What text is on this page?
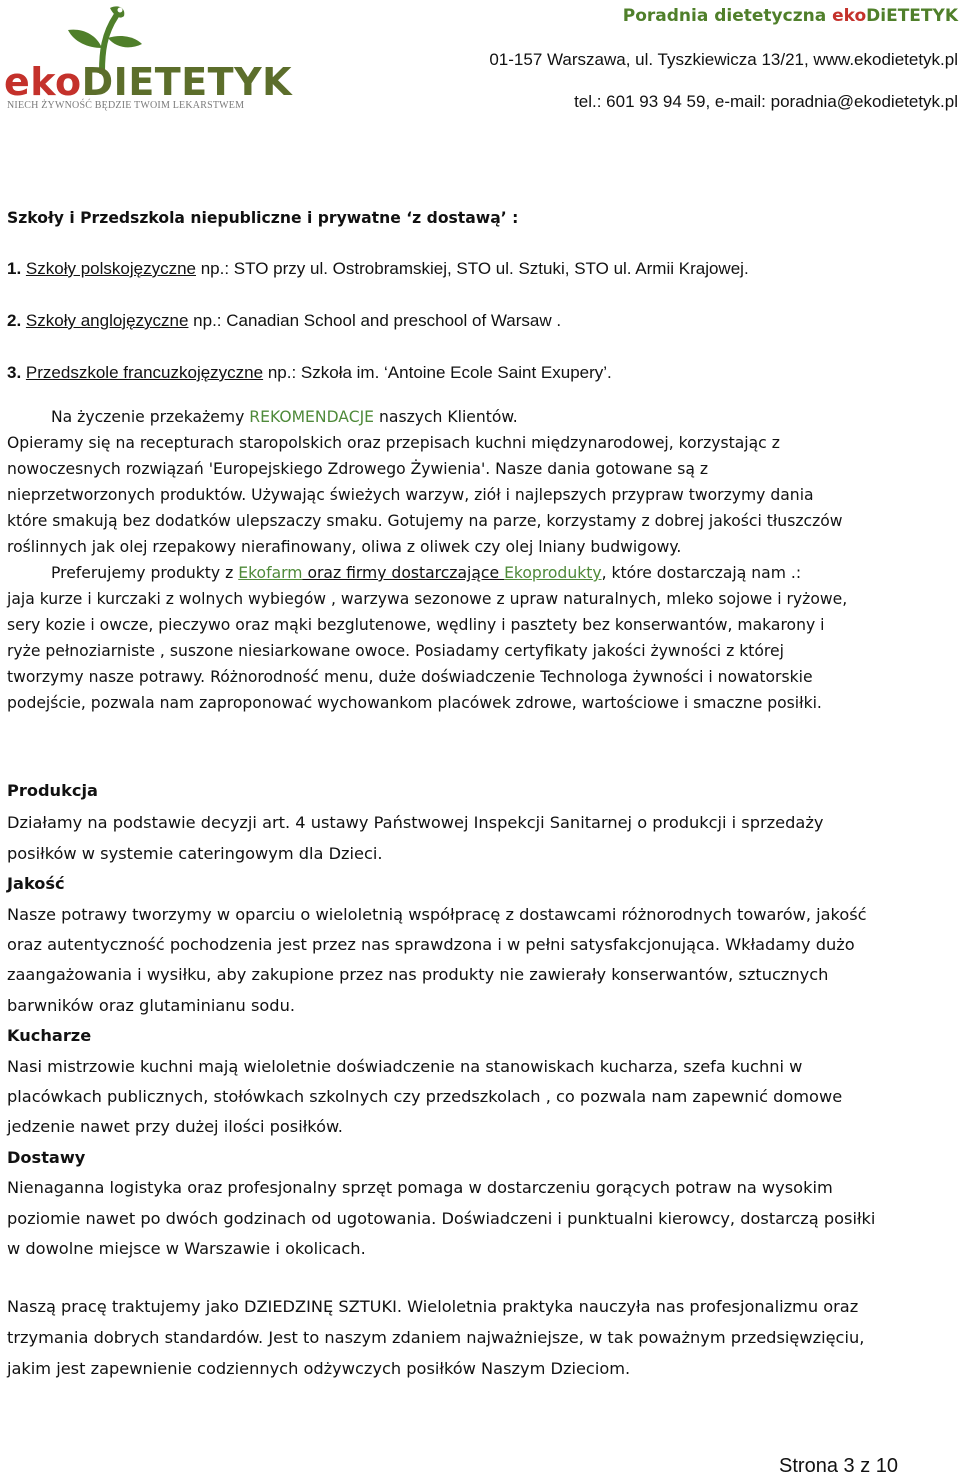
ekoDIETETYK
NIECH ŻYWNOŚĆ BĘDZIE TWOIM LEKARSTWEM

Poradnia dietetyczna ekoDiETETYK

01-157 Warszawa, ul. Tyszkiewicza 13/21, www.ekodietetyk.pl

tel.: 601 93 94 59, e-mail: poradnia@ekodietetyk.pl

Szkoły i Przedszkola niepubliczne i prywatne ‘z dostawą’ :

1. Szkoły polskojęzyczne np.: STO przy ul. Ostrobramskiej, STO ul. Sztuki, STO ul. Armii Krajowej.

2. Szkoły anglojęzyczne np.: Canadian School and preschool of Warsaw .

3. Przedszkole francuzkojęzyczne np.: Szkoła im. ‘Antoine Ecole Saint Exupery’.

Na życzenie przekażemy REKOMENDACJE naszych Klientów.

Opieramy się na recepturach staropolskich oraz przepisach kuchni międzynarodowej, korzystając z

nowoczesnych rozwiązań 'Europejskiego Zdrowego Żywienia'. Nasze dania gotowane są z

nieprzetworzonych produktów. Używając świeżych warzyw, ziół i najlepszych przypraw tworzymy dania

które smakują bez dodatków ulepszaczy smaku. Gotujemy na parze, korzystamy z dobrej jakości tłuszczów

roślinnych jak olej rzepakowy nierafinowany, oliwa z oliwek czy olej lniany budwigowy.

Preferujemy produkty z Ekofarm oraz firmy dostarczające Ekoprodukty, które dostarczają nam .:

jaja kurze i kurczaki z wolnych wybiegów , warzywa sezonowe z upraw naturalnych, mleko sojowe i ryżowe,

sery kozie i owcze, pieczywo oraz mąki bezglutenowe, wędliny i pasztety bez konserwantów, makarony i

ryże pełnoziarniste , suszone niesiarkowane owoce. Posiadamy certyfikaty jakości żywności z której

tworzymy nasze potrawy. Różnorodność menu, duże doświadczenie Technologa żywności i nowatorskie

podejście, pozwala nam zaproponować wychowankom placówek zdrowe, wartościowe i smaczne posiłki.

Produkcja

Działamy na podstawie decyzji art. 4 ustawy Państwowej Inspekcji Sanitarnej o produkcji i sprzedaży

posiłków w systemie cateringowym dla Dzieci.

Jakość

Nasze potrawy tworzymy w oparciu o wieloletnią współpracę z dostawcami różnorodnych towarów, jakość

oraz autentyczność pochodzenia jest przez nas sprawdzona i w pełni satysfakcjonująca. Wkładamy dużo

zaangażowania i wysiłku, aby zakupione przez nas produkty nie zawierały konserwantów, sztucznych

barwników oraz glutaminianu sodu.

Kucharze

Nasi mistrzowie kuchni mają wieloletnie doświadczenie na stanowiskach kucharza, szefa kuchni w

placówkach publicznych, stołówkach szkolnych czy przedszkolach , co pozwala nam zapewnić domowe

jedzenie nawet przy dużej ilości posiłków.

Dostawy

Nienaganna logistyka oraz profesjonalny sprzęt pomaga w dostarczeniu gorących potraw na wysokim

poziomie nawet po dwóch godzinach od ugotowania. Doświadczeni i punktualni kierowcy, dostarczą posiłki

w dowolne miejsce w Warszawie i okolicach.

Naszą pracę traktujemy jako DZIEDZINĘ SZTUKI. Wieloletnia praktyka nauczyła nas profesjonalizmu oraz

trzymania dobrych standardów. Jest to naszym zdaniem najważniejsze, w tak poważnym przedsięwzięciu,

jakim jest zapewnienie codziennych odżywczych posiłków Naszym Dzieciom.

Strona 3 z 10
